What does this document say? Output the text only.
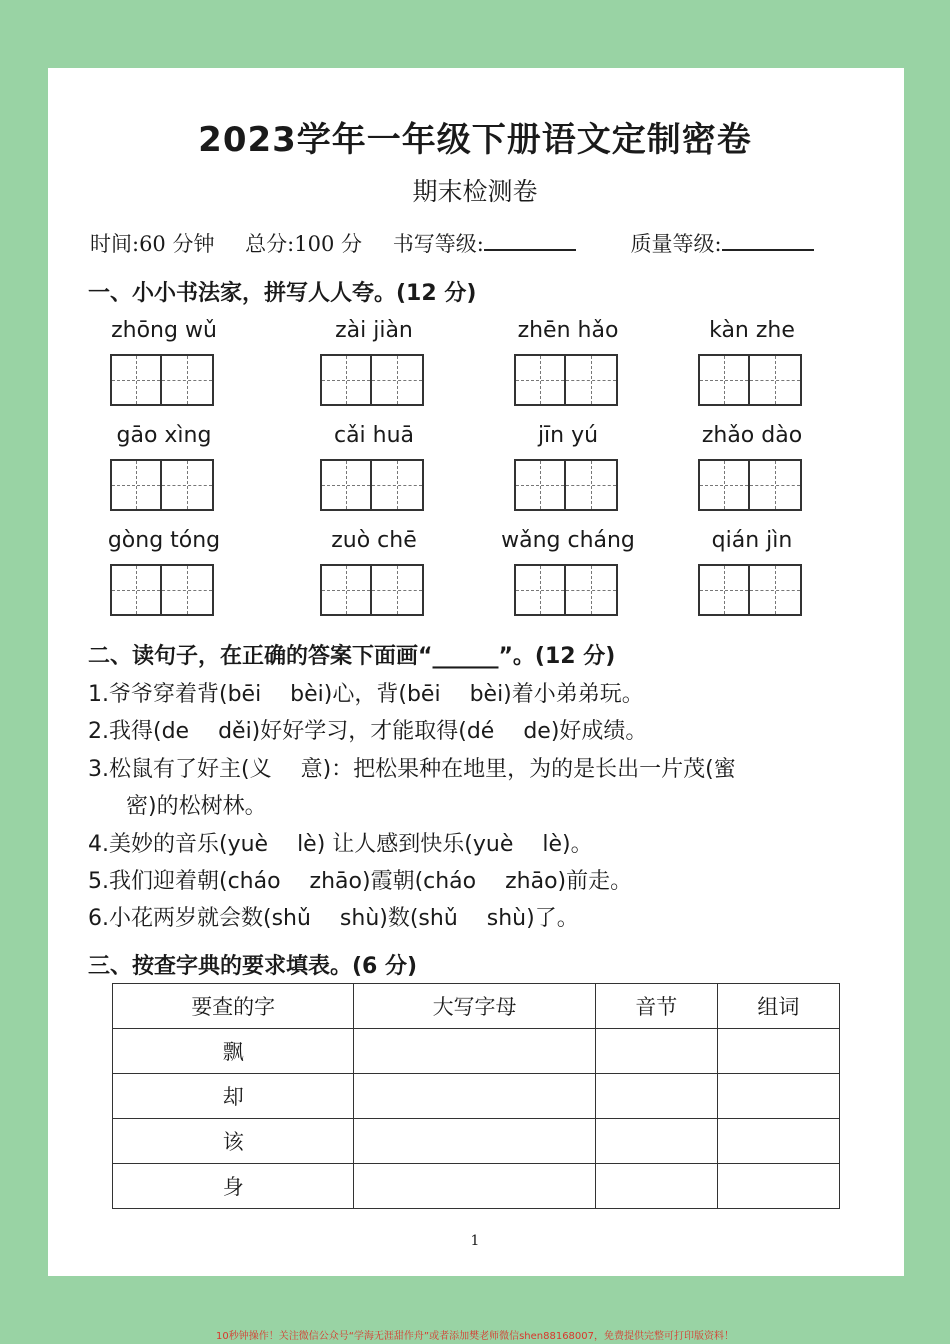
2023学年一年级下册语文定制密卷
期末检测卷
时间:60 分钟 总分:100 分 书写等级:	质量等级:
一、小小书法家，拼写人人夸。(12 分)
zhōng wǔ	zài jiàn	zhēn hǎo	kàn zhe
gāo xìng	cǎi huā	jīn yú	zhǎo dào
gòng tóng	zuò chē	wǎng cháng	qián jìn
二、读句子，在正确的答案下面画“______”。(12 分)
1.爷爷穿着背(bēi　 bèi)心，背(bēi　 bèi)着小弟弟玩。
2.我得(de　 děi)好好学习，才能取得(dé　 de)好成绩。
3.松鼠有了好主(义　 意)：把松果种在地里，为的是长出一片茂(蜜
　密)的松树林。
4.美妙的音乐(yuè　 lè) 让人感到快乐(yuè　 lè)。
5.我们迎着朝(cháo　 zhāo)霞朝(cháo　 zhāo)前走。
6.小花两岁就会数(shǔ　 shù)数(shǔ　 shù)了。
三、按查字典的要求填表。(6 分)
要查的字	大写字母	音节	组词
飘			
却			
该			
身			
1
10秒钟操作！关注微信公众号“学海无涯甜作舟”或者添加樊老师微信shen88168007，免费提供完整可打印版资料！
